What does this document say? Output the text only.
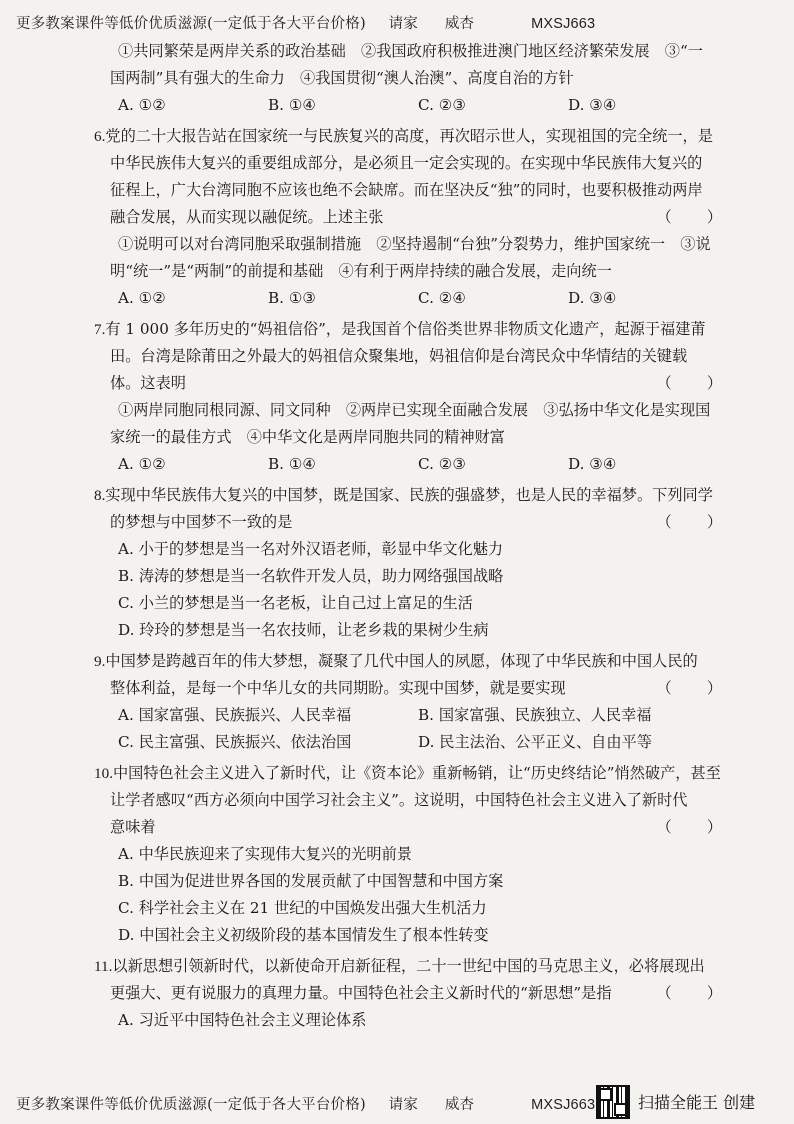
更多教案课件等低价优质滋源(一定低于各大平台价格) 请家 威杏	MXSJ663
①共同繁荣是两岸关系的政治基础　②我国政府积极推进澳门地区经济繁荣发展　③“一
国两制”具有强大的生命力　④我国贯彻“澳人治澳”、高度自治的方针
A. ①②	B. ①④	C. ②③	D. ③④
6.党的二十大报告站在国家统一与民族复兴的高度，再次昭示世人，实现祖国的完全统一，是
中华民族伟大复兴的重要组成部分，是必须且一定会实现的。在实现中华民族伟大复兴的
征程上，广大台湾同胞不应该也绝不会缺席。而在坚决反“独”的同时，也要积极推动两岸
融合发展，从而实现以融促统。上述主张	（　）
①说明可以对台湾同胞采取强制措施　②坚持遏制“台独”分裂势力，维护国家统一　③说
明“统一”是“两制”的前提和基础　④有利于两岸持续的融合发展，走向统一
A. ①②	B. ①③	C. ②④	D. ③④
7.有 1 000 多年历史的“妈祖信俗”，是我国首个信俗类世界非物质文化遗产，起源于福建莆
田。台湾是除莆田之外最大的妈祖信众聚集地，妈祖信仰是台湾民众中华情结的关键载
体。这表明	（　）
①两岸同胞同根同源、同文同种　②两岸已实现全面融合发展　③弘扬中华文化是实现国
家统一的最佳方式　④中华文化是两岸同胞共同的精神财富
A. ①②	B. ①④	C. ②③	D. ③④
8.实现中华民族伟大复兴的中国梦，既是国家、民族的强盛梦，也是人民的幸福梦。下列同学
的梦想与中国梦不一致的是	（　）
A. 小于的梦想是当一名对外汉语老师，彰显中华文化魅力
B. 涛涛的梦想是当一名软件开发人员，助力网络强国战略
C. 小兰的梦想是当一名老板，让自己过上富足的生活
D. 玲玲的梦想是当一名农技师，让老乡栽的果树少生病
9.中国梦是跨越百年的伟大梦想，凝聚了几代中国人的夙愿，体现了中华民族和中国人民的
整体利益，是每一个中华儿女的共同期盼。实现中国梦，就是要实现	（　）
A. 国家富强、民族振兴、人民幸福	B. 国家富强、民族独立、人民幸福
C. 民主富强、民族振兴、依法治国	D. 民主法治、公平正义、自由平等
10.中国特色社会主义进入了新时代，让《资本论》重新畅销，让“历史终结论”悄然破产，甚至
让学者感叹“西方必须向中国学习社会主义”。这说明，中国特色社会主义进入了新时代
意味着	（　）
A. 中华民族迎来了实现伟大复兴的光明前景
B. 中国为促进世界各国的发展贡献了中国智慧和中国方案
C. 科学社会主义在 21 世纪的中国焕发出强大生机活力
D. 中国社会主义初级阶段的基本国情发生了根本性转变
11.以新思想引领新时代，以新使命开启新征程，二十一世纪中国的马克思主义，必将展现出
更强大、更有说服力的真理力量。中国特色社会主义新时代的“新思想”是指	（　）
A. 习近平中国特色社会主义理论体系
更多教案课件等低价优质滋源(一定低于各大平台价格) 请家 威杏	MXSJ663	扫描全能王 创建
